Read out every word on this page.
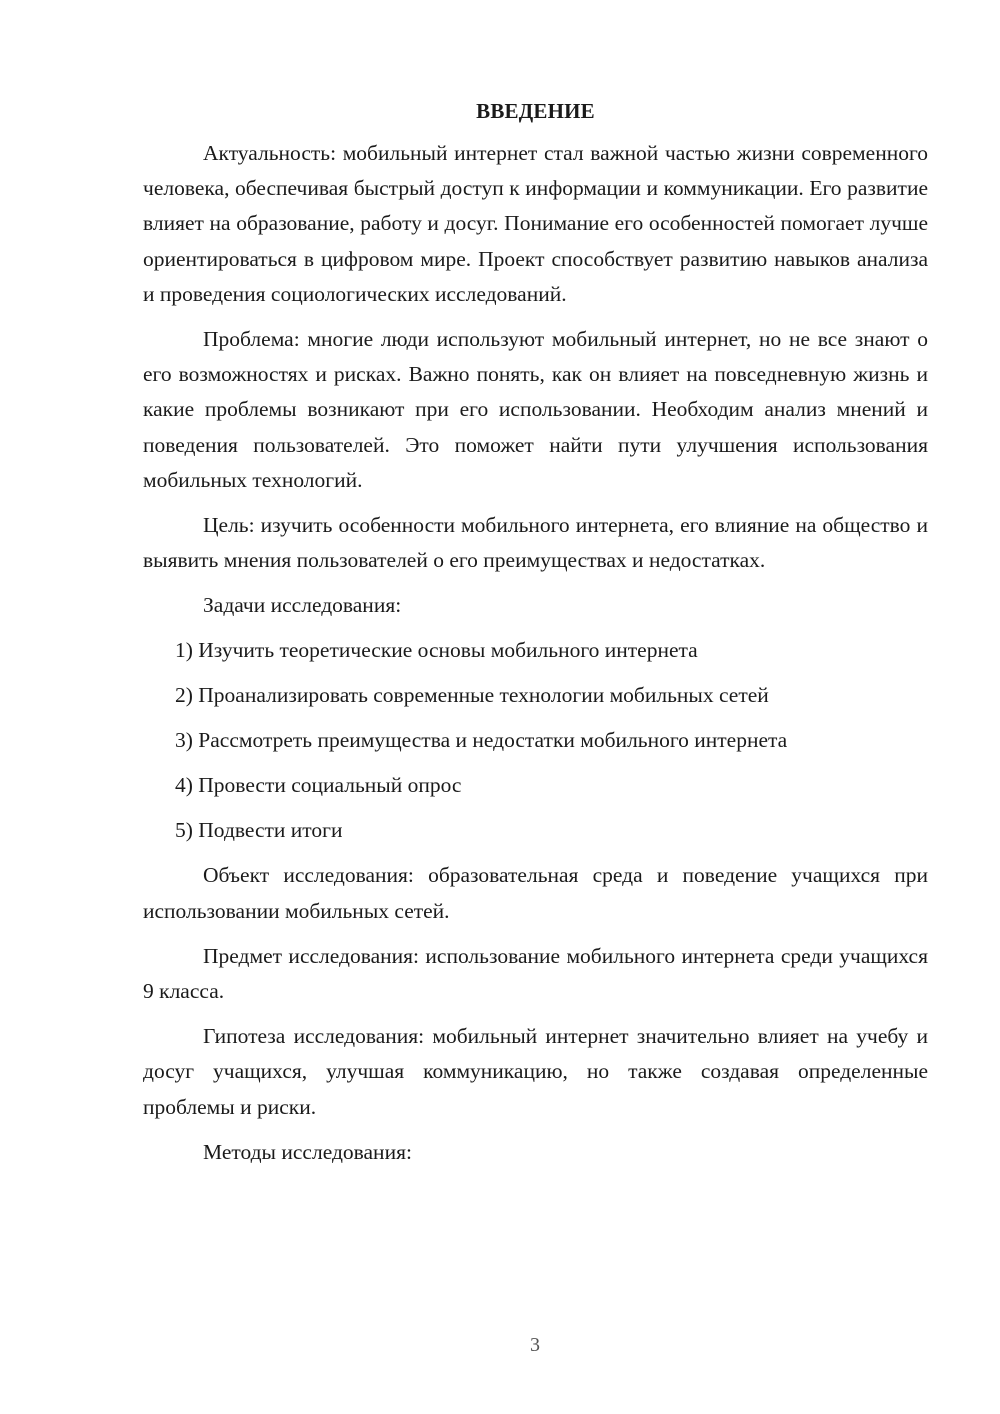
ВВЕДЕНИЕ

Актуальность: мобильный интернет стал важной частью жизни современного человека, обеспечивая быстрый доступ к информации и коммуникации. Его развитие влияет на образование, работу и досуг. Понимание его особенностей помогает лучше ориентироваться в цифровом мире. Проект способствует развитию навыков анализа и проведения социологических исследований.

Проблема: многие люди используют мобильный интернет, но не все знают о его возможностях и рисках. Важно понять, как он влияет на повседневную жизнь и какие проблемы возникают при его использовании. Необходим анализ мнений и поведения пользователей. Это поможет найти пути улучшения использования мобильных технологий.

Цель: изучить особенности мобильного интернета, его влияние на общество и выявить мнения пользователей о его преимуществах и недостатках.

Задачи исследования:

1) Изучить теоретические основы мобильного интернета
2) Проанализировать современные технологии мобильных сетей
3) Рассмотреть преимущества и недостатки мобильного интернета
4) Провести социальный опрос
5) Подвести итоги

Объект исследования: образовательная среда и поведение учащихся при использовании мобильных сетей.

Предмет исследования: использование мобильного интернета среди учащихся 9 класса.

Гипотеза исследования: мобильный интернет значительно влияет на учебу и досуг учащихся, улучшая коммуникацию, но также создавая определенные проблемы и риски.

Методы исследования:

3
